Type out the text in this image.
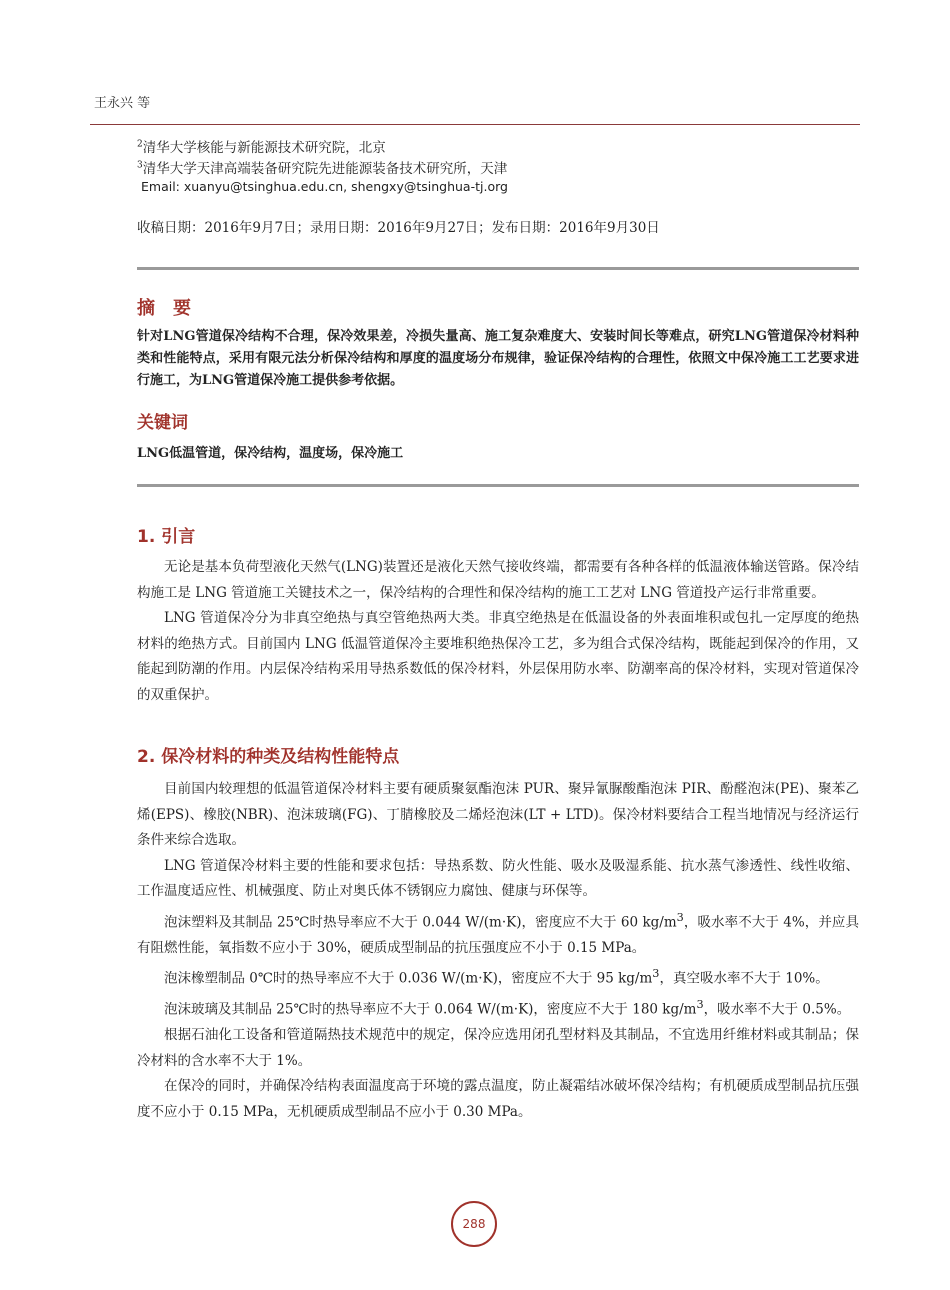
王永兴 等
$^2$清华大学核能与新能源技术研究院，北京
$^3$清华大学天津高端装备研究院先进能源装备技术研究所，天津
Email: xuanyu@tsinghua.edu.cn, shengxy@tsinghua-tj.org
收稿日期：2016年9月7日；录用日期：2016年9月27日；发布日期：2016年9月30日
摘　要
针对LNG管道保冷结构不合理，保冷效果差，冷损失量高、施工复杂难度大、安装时间长等难点，研究LNG管道保冷材料种类和性能特点，采用有限元法分析保冷结构和厚度的温度场分布规律，验证保冷结构的合理性，依照文中保冷施工工艺要求进行施工，为LNG管道保冷施工提供参考依据。
关键词
LNG低温管道，保冷结构，温度场，保冷施工
1. 引言

无论是基本负荷型液化天然气(LNG)装置还是液化天然气接收终端，都需要有各种各样的低温液体输送管路。保冷结构施工是 LNG 管道施工关键技术之一，保冷结构的合理性和保冷结构的施工工艺对 LNG 管道投产运行非常重要。

LNG 管道保冷分为非真空绝热与真空管绝热两大类。非真空绝热是在低温设备的外表面堆积或包扎一定厚度的绝热材料的绝热方式。目前国内 LNG 低温管道保冷主要堆积绝热保冷工艺，多为组合式保冷结构，既能起到保冷的作用，又能起到防潮的作用。内层保冷结构采用导热系数低的保冷材料，外层保用防水率、防潮率高的保冷材料，实现对管道保冷的双重保护。

2. 保冷材料的种类及结构性能特点

目前国内较理想的低温管道保冷材料主要有硬质聚氨酯泡沫 PUR、聚异氰脲酸酯泡沫 PIR、酚醛泡沫(PE)、聚苯乙烯(EPS)、橡胶(NBR)、泡沫玻璃(FG)、丁腈橡胶及二烯烃泡沫(LT + LTD)。保冷材料要结合工程当地情况与经济运行条件来综合选取。

LNG 管道保冷材料主要的性能和要求包括：导热系数、防火性能、吸水及吸湿系能、抗水蒸气渗透性、线性收缩、工作温度适应性、机械强度、防止对奥氏体不锈钢应力腐蚀、健康与环保等。

泡沫塑料及其制品 25℃时热导率应不大于 0.044 W/(m·K)，密度应不大于 60 $kg/m^3$，吸水率不大于 4%，并应具有阻燃性能，氧指数不应小于 30%，硬质成型制品的抗压强度应不小于 0.15 MPa。

泡沫橡塑制品 0℃时的热导率应不大于 0.036 W/(m·K)，密度应不大于 95 $kg/m^3$，真空吸水率不大于 10%。

泡沫玻璃及其制品 25℃时的热导率应不大于 0.064 W/(m·K)，密度应不大于 180 $kg/m^3$，吸水率不大于 0.5%。

根据石油化工设备和管道隔热技术规范中的规定，保冷应选用闭孔型材料及其制品，不宜选用纤维材料或其制品；保冷材料的含水率不大于 1%。

在保冷的同时，并确保冷结构表面温度高于环境的露点温度，防止凝霜结冰破坏保冷结构；有机硬质成型制品抗压强度不应小于 0.15 MPa，无机硬质成型制品不应小于 0.30 MPa。

288
